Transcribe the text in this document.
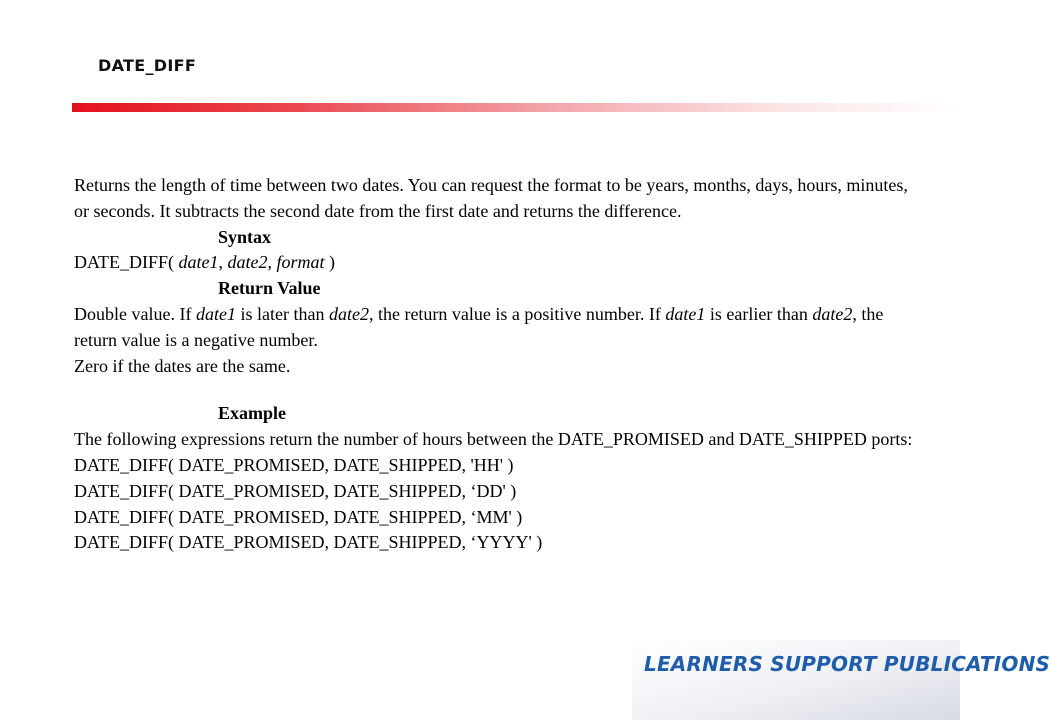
DATE_DIFF

Returns the length of time between two dates. You can request the format to be years, months, days, hours, minutes, or seconds. It subtracts the second date from the first date and returns the difference.

Syntax

DATE_DIFF( date1, date2, format )

Return Value

Double value. If date1 is later than date2, the return value is a positive number. If date1 is earlier than date2, the return value is a negative number.

Zero if the dates are the same.

Example

The following expressions return the number of hours between the DATE_PROMISED and DATE_SHIPPED ports:

DATE_DIFF( DATE_PROMISED, DATE_SHIPPED, 'HH' )

DATE_DIFF( DATE_PROMISED, DATE_SHIPPED, ‘DD' )

DATE_DIFF( DATE_PROMISED, DATE_SHIPPED, ‘MM' )

DATE_DIFF( DATE_PROMISED, DATE_SHIPPED, ‘YYYY' )

LEARNERS SUPPORT PUBLICATIONS
